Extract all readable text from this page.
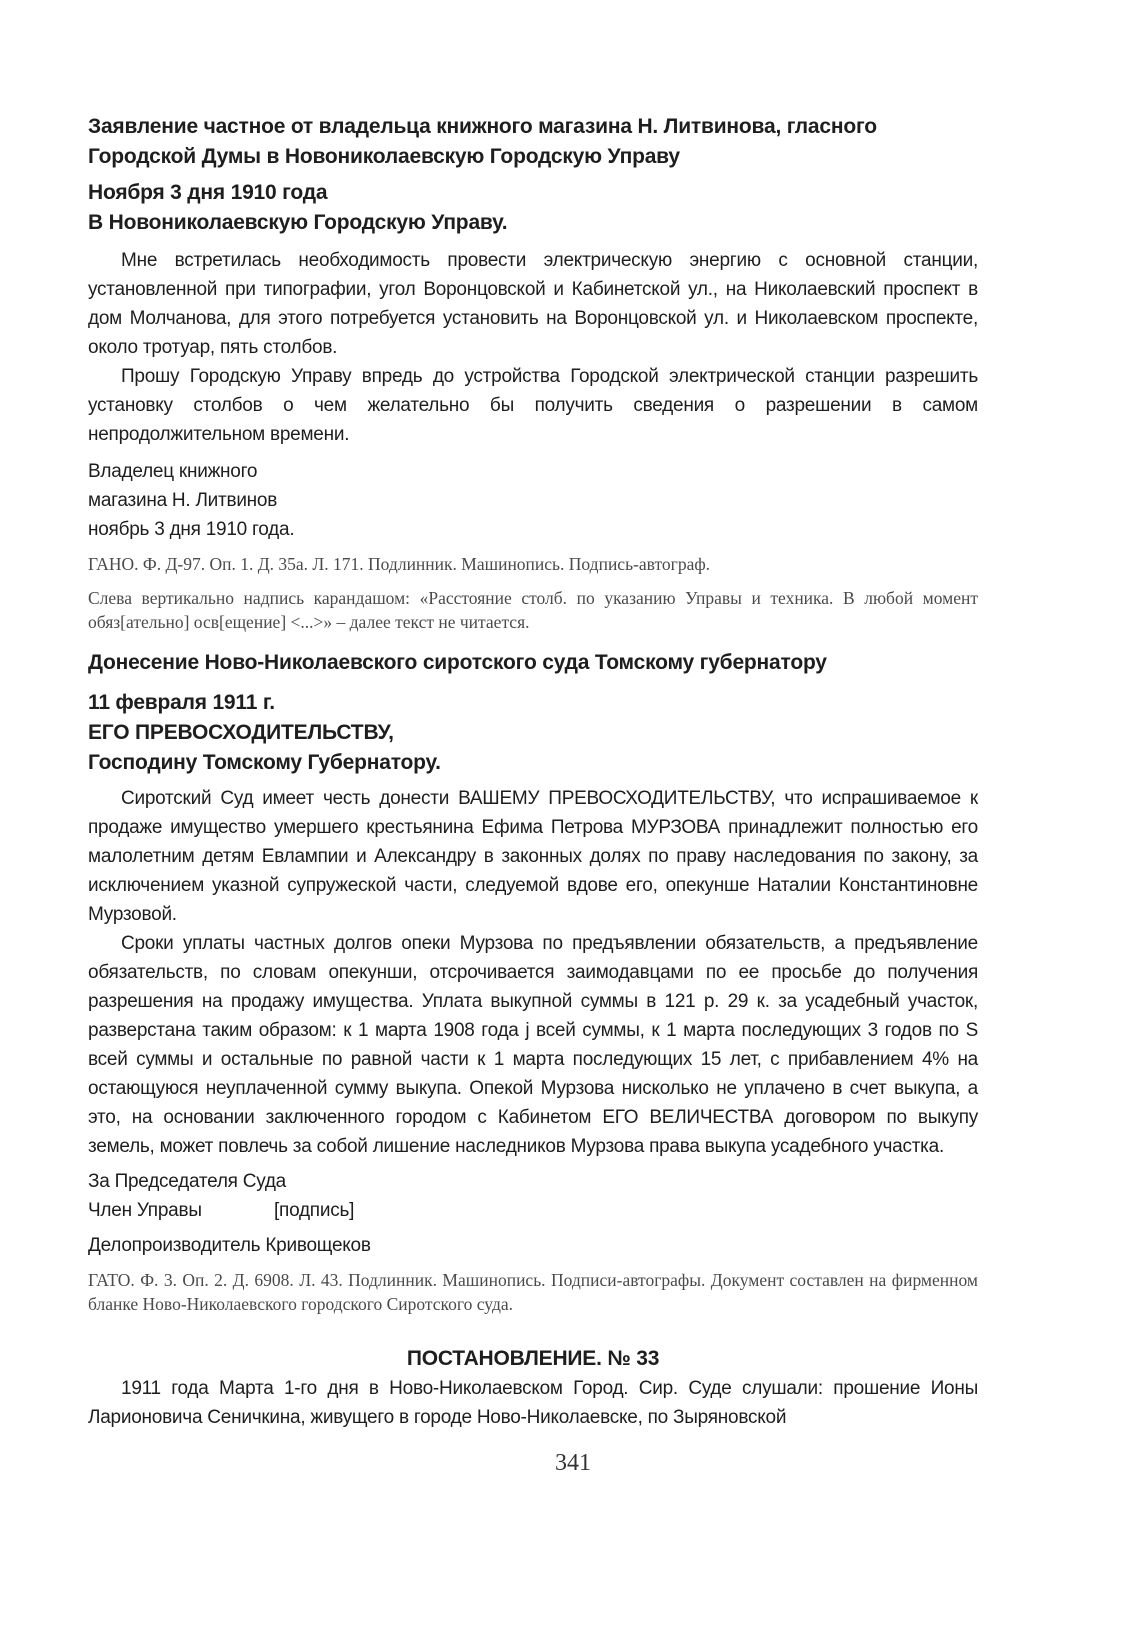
Заявление частное от владельца книжного магазина Н. Литвинова, гласного Городской Думы в Новониколаевскую Городскую Управу
Ноября 3 дня 1910 года
В Новониколаевскую Городскую Управу.

Мне встретилась необходимость провести электрическую энергию с основной станции, установленной при типографии, угол Воронцовской и Кабинетской ул., на Николаевский проспект в дом Молчанова, для этого потребуется установить на Воронцовской ул. и Николаевском проспекте, около тротуар, пять столбов.

Прошу Городскую Управу впредь до устройства Городской электрической станции разрешить установку столбов о чем желательно бы получить сведения о разрешении в самом непродолжительном времени.

Владелец книжного
магазина Н. Литвинов
ноябрь 3 дня 1910 года.

ГАНО. Ф. Д-97. Оп. 1. Д. 35а. Л. 171. Подлинник. Машинопись. Подпись-автограф.

Слева вертикально надпись карандашом: «Расстояние столб. по указанию Управы и техника. В любой момент обяз[ательно] осв[ещение] <...>» – далее текст не читается.

Донесение Ново-Николаевского сиротского суда Томскому губернатору
11 февраля 1911 г.
ЕГО ПРЕВОСХОДИТЕЛЬСТВУ,
Господину Томскому Губернатору.

Сиротский Суд имеет честь донести ВАШЕМУ ПРЕВОСХОДИТЕЛЬСТВУ, что испрашиваемое к продаже имущество умершего крестьянина Ефима Петрова МУРЗОВА принадлежит полностью его малолетним детям Евлампии и Александру в законных долях по праву наследования по закону, за исключением указной супружеской части, следуемой вдове его, опекунше Наталии Константиновне Мурзовой.

Сроки уплаты частных долгов опеки Мурзова по предъявлении обязательств, а предъявление обязательств, по словам опекунши, отсрочивается заимодавцами по ее просьбе до получения разрешения на продажу имущества. Уплата выкупной суммы в 121 р. 29 к. за усадебный участок, разверстана таким образом: к 1 марта 1908 года j всей суммы, к 1 марта последующих 3 годов по S всей суммы и остальные по равной части к 1 марта последующих 15 лет, с прибавлением 4% на остающуюся неуплаченной сумму выкупа. Опекой Мурзова нисколько не уплачено в счет выкупа, а это, на основании заключенного городом с Кабинетом ЕГО ВЕЛИЧЕСТВА договором по выкупу земель, может повлечь за собой лишение наследников Мурзова права выкупа усадебного участка.

За Председателя Суда
Член Управы	[подпись]
Делопроизводитель Кривощеков

ГАТО. Ф. 3. Оп. 2. Д. 6908. Л. 43. Подлинник. Машинопись. Подписи-автографы. Документ составлен на фирменном бланке Ново-Николаевского городского Сиротского суда.

ПОСТАНОВЛЕНИЕ. № 33

1911 года Марта 1-го дня в Ново-Николаевском Город. Сир. Суде слушали: прошение Ионы Ларионовича Сеничкина, живущего в городе Ново-Николаевске, по Зыряновской

341
